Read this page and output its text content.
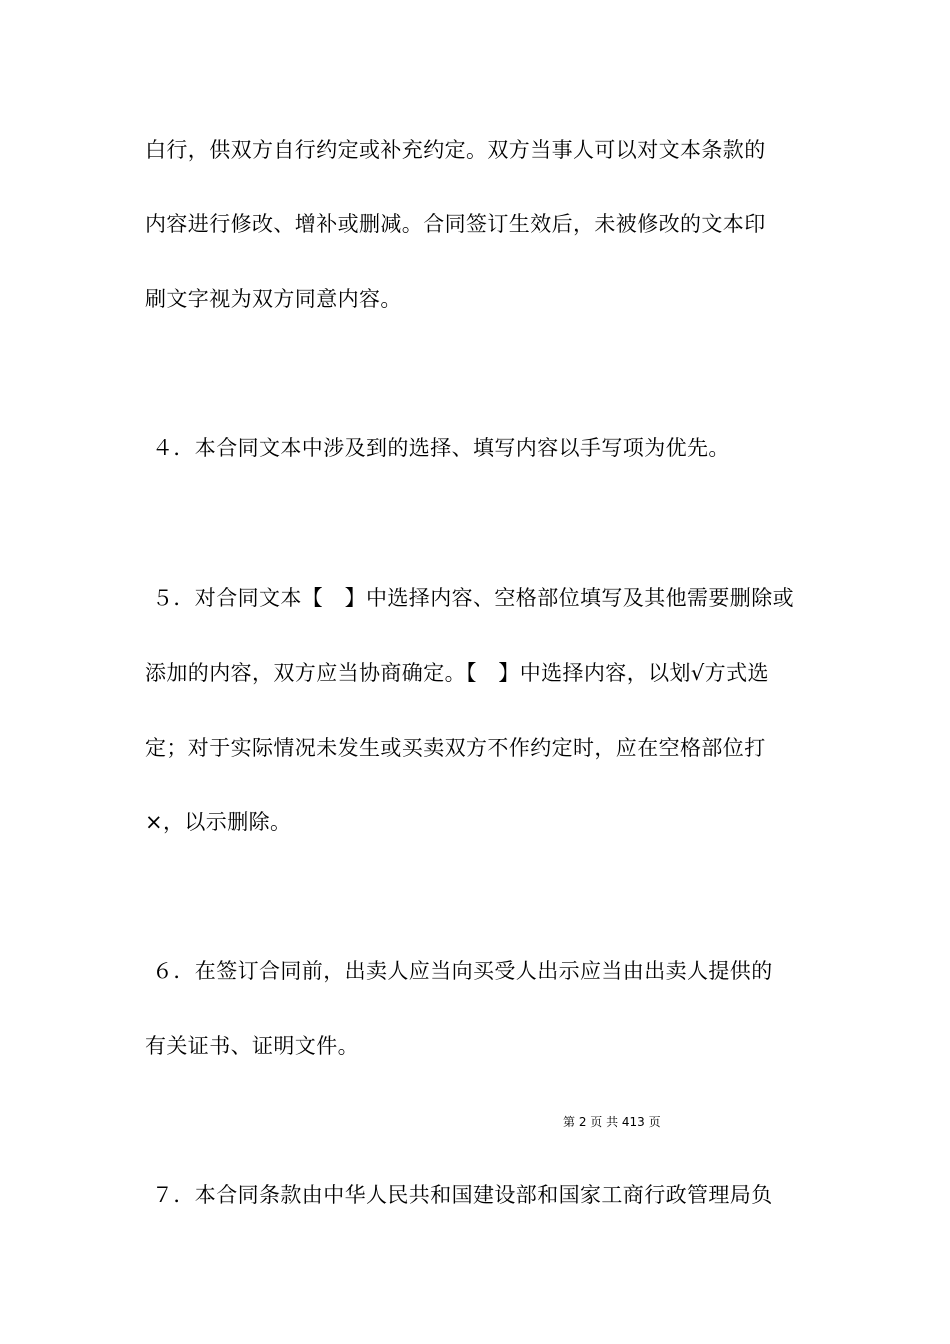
白行，供双方自行约定或补充约定。双方当事人可以对文本条款的
内容进行修改、增补或删减。合同签订生效后，未被修改的文本印
刷文字视为双方同意内容。
４．本合同文本中涉及到的选择、填写内容以手写项为优先。
５．对合同文本【　】中选择内容、空格部位填写及其他需要删除或
添加的内容，双方应当协商确定。【　】中选择内容，以划√方式选
定；对于实际情况未发生或买卖双方不作约定时，应在空格部位打
×，以示删除。
６．在签订合同前，出卖人应当向买受人出示应当由出卖人提供的
有关证书、证明文件。
第 2 页 共 413 页
７．本合同条款由中华人民共和国建设部和国家工商行政管理局负
